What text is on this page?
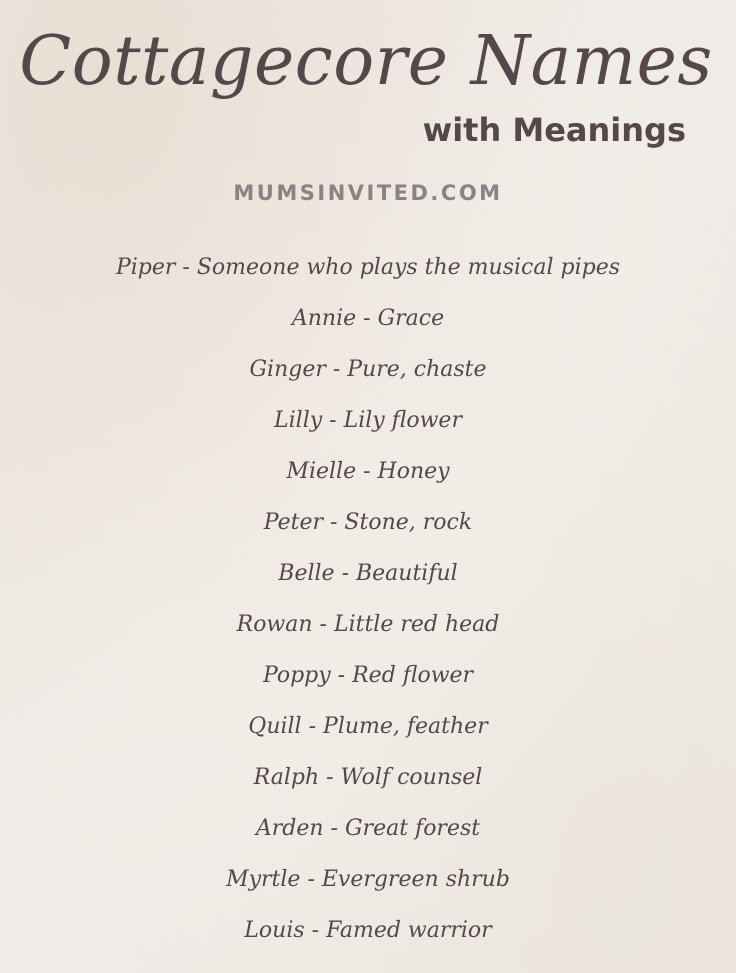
Cottagecore Names
with Meanings
MUMSINVITED.COM
Piper - Someone who plays the musical pipes
Annie - Grace
Ginger - Pure, chaste
Lilly - Lily flower
Mielle - Honey
Peter - Stone, rock
Belle - Beautiful
Rowan - Little red head
Poppy - Red flower
Quill - Plume, feather
Ralph - Wolf counsel
Arden - Great forest
Myrtle - Evergreen shrub
Louis - Famed warrior
